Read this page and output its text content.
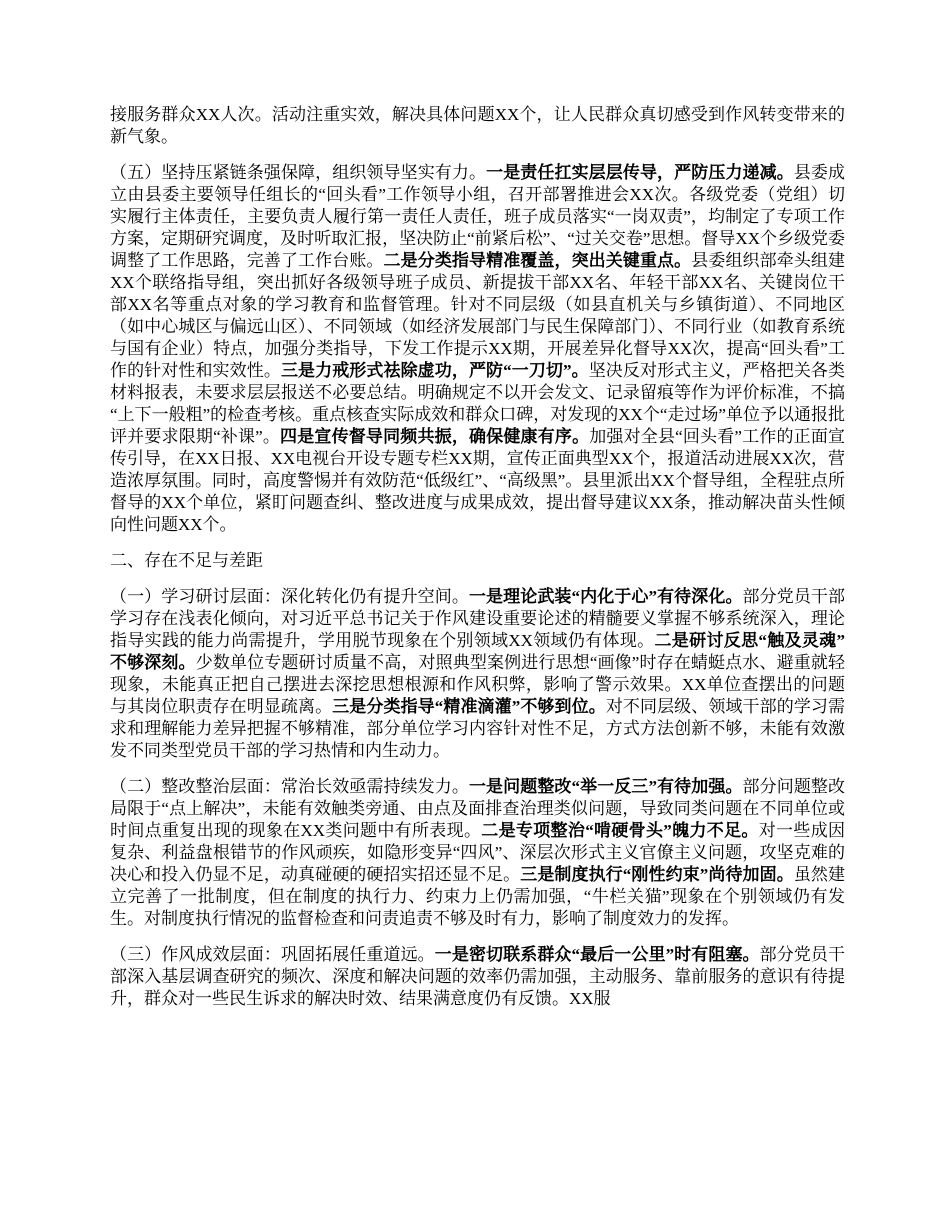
接服务群众XX人次。活动注重实效，解决具体问题XX个，让人民群众真切感受到作风转变带来的新气象。

（五）坚持压紧链条强保障，组织领导坚实有力。一是责任扛实层层传导，严防压力递减。县委成立由县委主要领导任组长的“回头看”工作领导小组，召开部署推进会XX次。各级党委（党组）切实履行主体责任，主要负责人履行第一责任人责任，班子成员落实“一岗双责”，均制定了专项工作方案，定期研究调度，及时听取汇报，坚决防止“前紧后松”、“过关交卷”思想。督导XX个乡级党委调整了工作思路，完善了工作台账。二是分类指导精准覆盖，突出关键重点。县委组织部牵头组建XX个联络指导组，突出抓好各级领导班子成员、新提拔干部XX名、年轻干部XX名、关键岗位干部XX名等重点对象的学习教育和监督管理。针对不同层级（如县直机关与乡镇街道）、不同地区（如中心城区与偏远山区）、不同领域（如经济发展部门与民生保障部门）、不同行业（如教育系统与国有企业）特点，加强分类指导，下发工作提示XX期，开展差异化督导XX次，提高“回头看”工作的针对性和实效性。三是力戒形式祛除虚功，严防“一刀切”。坚决反对形式主义，严格把关各类材料报表，未要求层层报送不必要总结。明确规定不以开会发文、记录留痕等作为评价标准，不搞“上下一般粗”的检查考核。重点核查实际成效和群众口碑，对发现的XX个“走过场”单位予以通报批评并要求限期“补课”。四是宣传督导同频共振，确保健康有序。加强对全县“回头看”工作的正面宣传引导，在XX日报、XX电视台开设专题专栏XX期，宣传正面典型XX个，报道活动进展XX次，营造浓厚氛围。同时，高度警惕并有效防范“低级红”、“高级黑”。县里派出XX个督导组，全程驻点所督导的XX个单位，紧盯问题查纠、整改进度与成果成效，提出督导建议XX条，推动解决苗头性倾向性问题XX个。

二、存在不足与差距

（一）学习研讨层面：深化转化仍有提升空间。一是理论武装“内化于心”有待深化。部分党员干部学习存在浅表化倾向，对习近平总书记关于作风建设重要论述的精髓要义掌握不够系统深入，理论指导实践的能力尚需提升，学用脱节现象在个别领域XX领域仍有体现。二是研讨反思“触及灵魂”不够深刻。少数单位专题研讨质量不高，对照典型案例进行思想“画像”时存在蜻蜓点水、避重就轻现象，未能真正把自己摆进去深挖思想根源和作风积弊，影响了警示效果。XX单位查摆出的问题与其岗位职责存在明显疏离。三是分类指导“精准滴灌”不够到位。对不同层级、领域干部的学习需求和理解能力差异把握不够精准，部分单位学习内容针对性不足，方式方法创新不够，未能有效激发不同类型党员干部的学习热情和内生动力。

（二）整改整治层面：常治长效亟需持续发力。一是问题整改“举一反三”有待加强。部分问题整改局限于“点上解决”，未能有效触类旁通、由点及面排查治理类似问题，导致同类问题在不同单位或时间点重复出现的现象在XX类问题中有所表现。二是专项整治“啃硬骨头”魄力不足。对一些成因复杂、利益盘根错节的作风顽疾，如隐形变异“四风”、深层次形式主义官僚主义问题，攻坚克难的决心和投入仍显不足，动真碰硬的硬招实招还显不足。三是制度执行“刚性约束”尚待加固。虽然建立完善了一批制度，但在制度的执行力、约束力上仍需加强，“牛栏关猫”现象在个别领域仍有发生。对制度执行情况的监督检查和问责追责不够及时有力，影响了制度效力的发挥。

（三）作风成效层面：巩固拓展任重道远。一是密切联系群众“最后一公里”时有阻塞。部分党员干部深入基层调查研究的频次、深度和解决问题的效率仍需加强，主动服务、靠前服务的意识有待提升，群众对一些民生诉求的解决时效、结果满意度仍有反馈。XX服
